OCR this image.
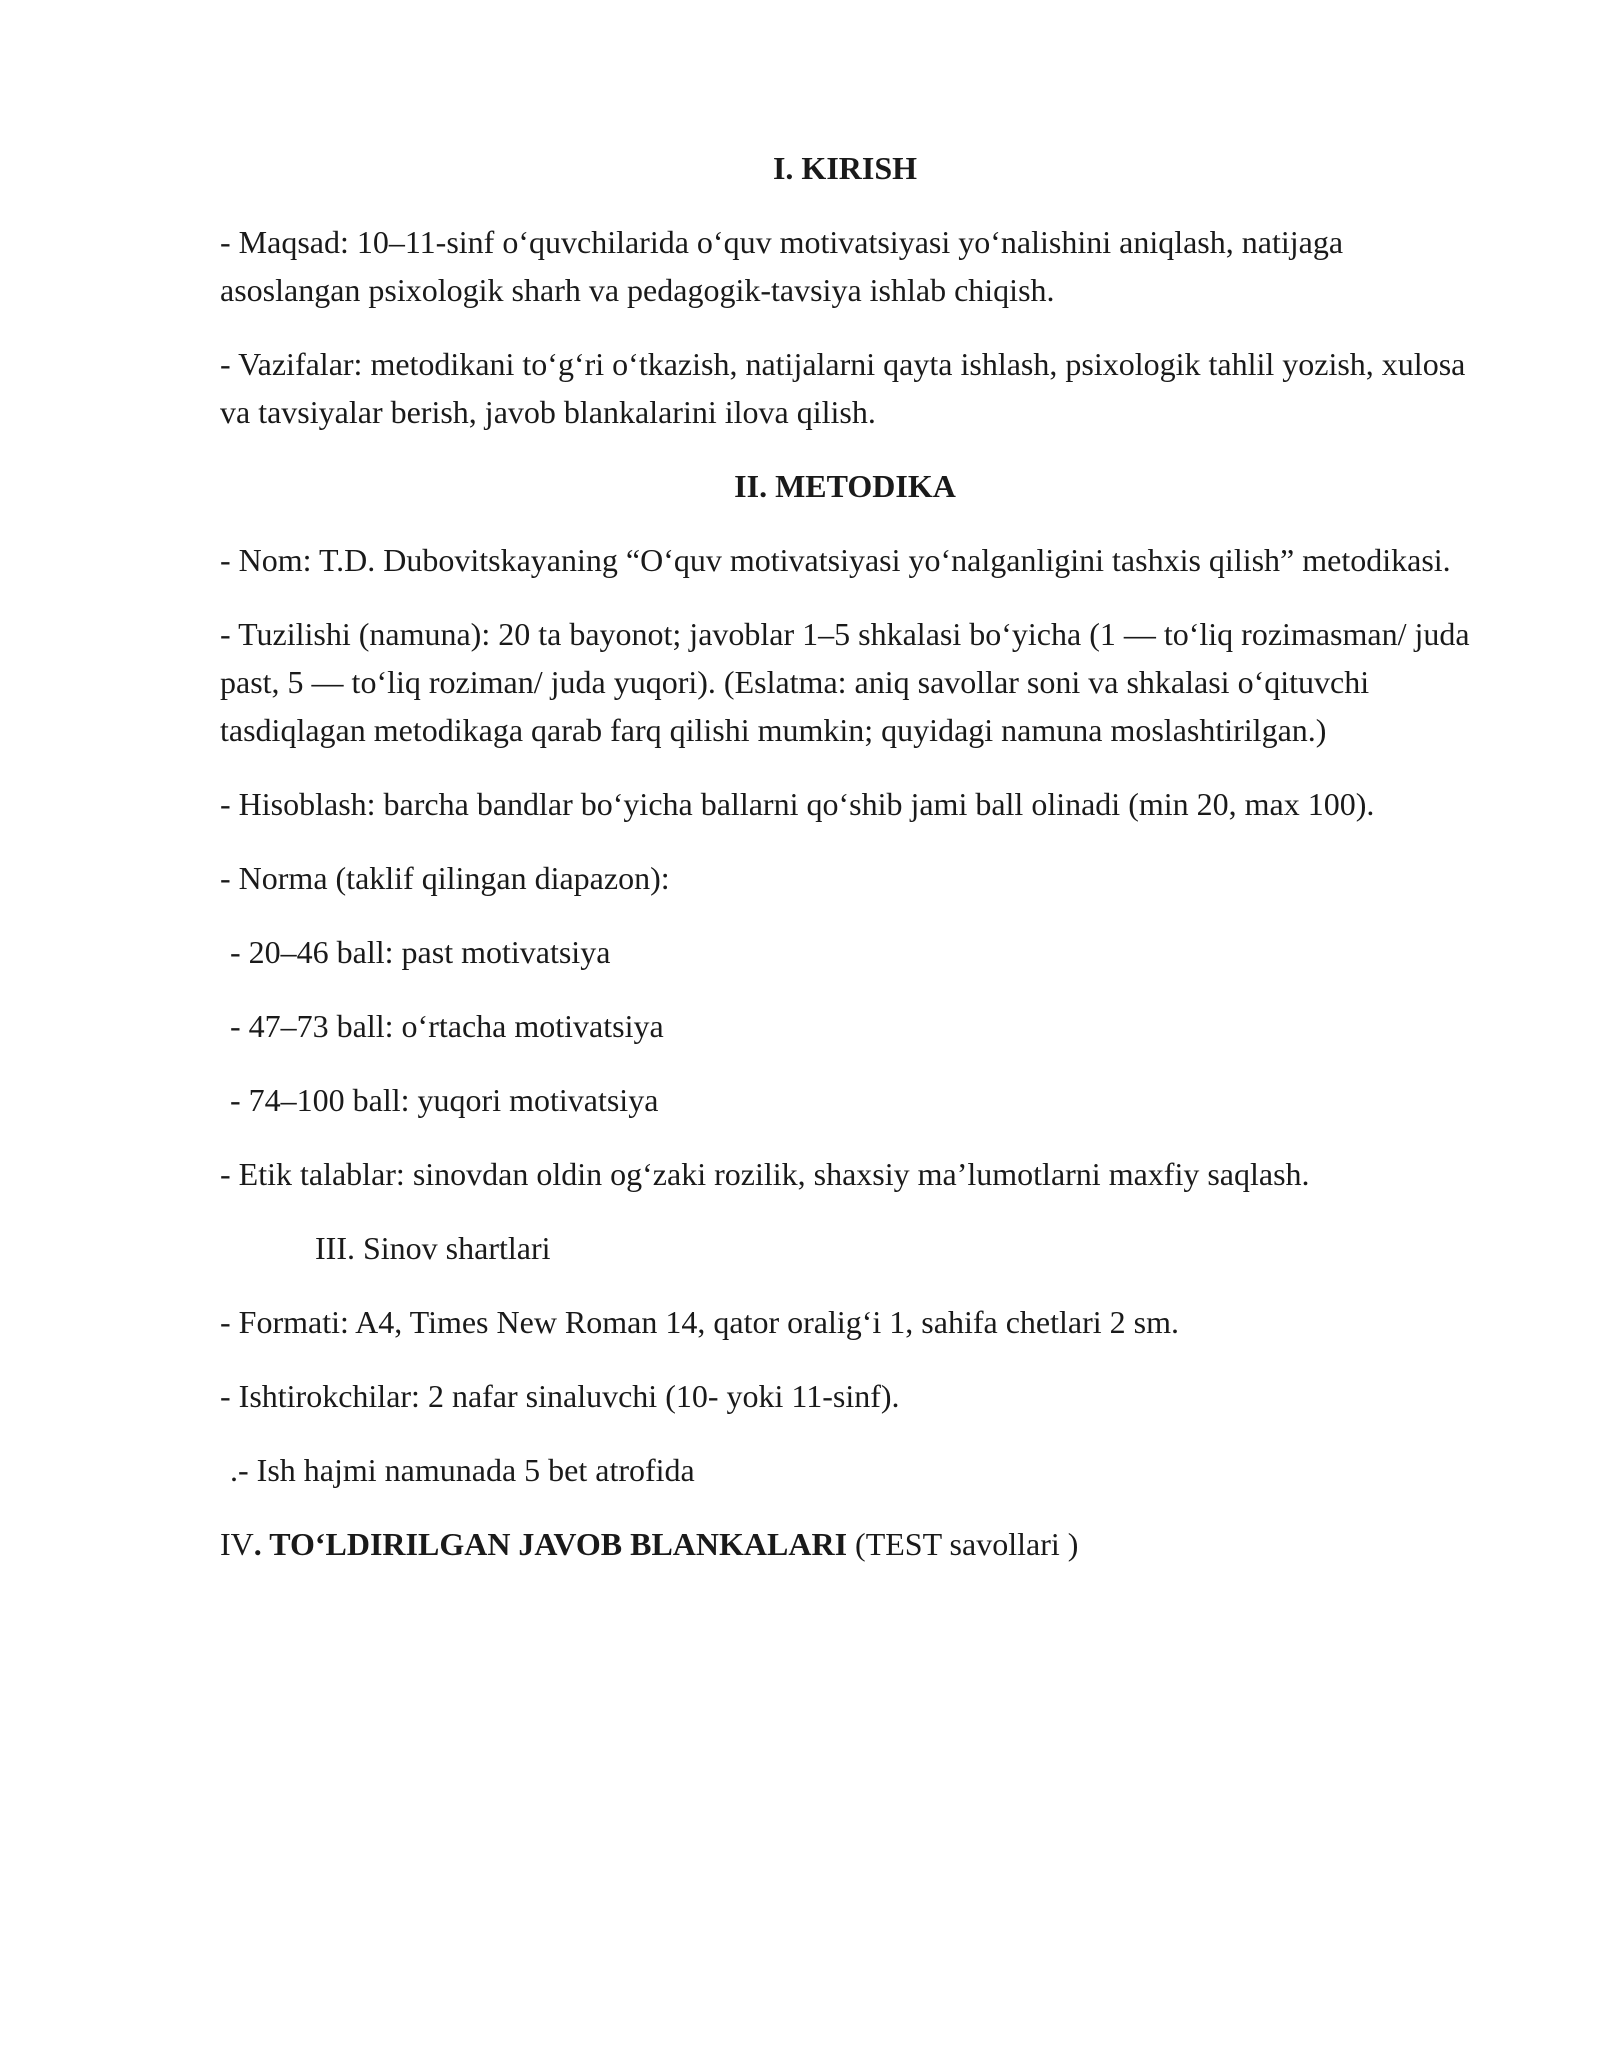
I. KIRISH

- Maqsad: 10–11-sinf oʻquvchilarida oʻquv motivatsiyasi yoʻnalishini aniqlash, natijaga asoslangan psixologik sharh va pedagogik-tavsiya ishlab chiqish.

- Vazifalar: metodikani toʻgʻri oʻtkazish, natijalarni qayta ishlash, psixologik tahlil yozish, xulosa va tavsiyalar berish, javob blankalarini ilova qilish.

II. METODIKA

- Nom: T.D. Dubovitskayaning “Oʻquv motivatsiyasi yoʻnalganligini tashxis qilish” metodikasi.

- Tuzilishi (namuna): 20 ta bayonot; javoblar 1–5 shkalasi boʻyicha (1 — toʻliq rozimasman/ juda past, 5 — toʻliq roziman/ juda yuqori). (Eslatma: aniq savollar soni va shkalasi oʻqituvchi tasdiqlagan metodikaga qarab farq qilishi mumkin; quyidagi namuna moslashtirilgan.)

- Hisoblash: barcha bandlar boʻyicha ballarni qoʻshib jami ball olinadi (min 20, max 100).

- Norma (taklif qilingan diapazon):

- 20–46 ball: past motivatsiya

- 47–73 ball: oʻrtacha motivatsiya

- 74–100 ball: yuqori motivatsiya

- Etik talablar: sinovdan oldin ogʻzaki rozilik, shaxsiy maʼlumotlarni maxfiy saqlash.

III. Sinov shartlari

- Formati: A4, Times New Roman 14, qator oraligʻi 1, sahifa chetlari 2 sm.

- Ishtirokchilar: 2 nafar sinaluvchi (10- yoki 11-sinf).

.- Ish hajmi namunada 5 bet atrofida

IV. TOʻLDIRILGAN JAVOB BLANKALARI (TEST savollari )
